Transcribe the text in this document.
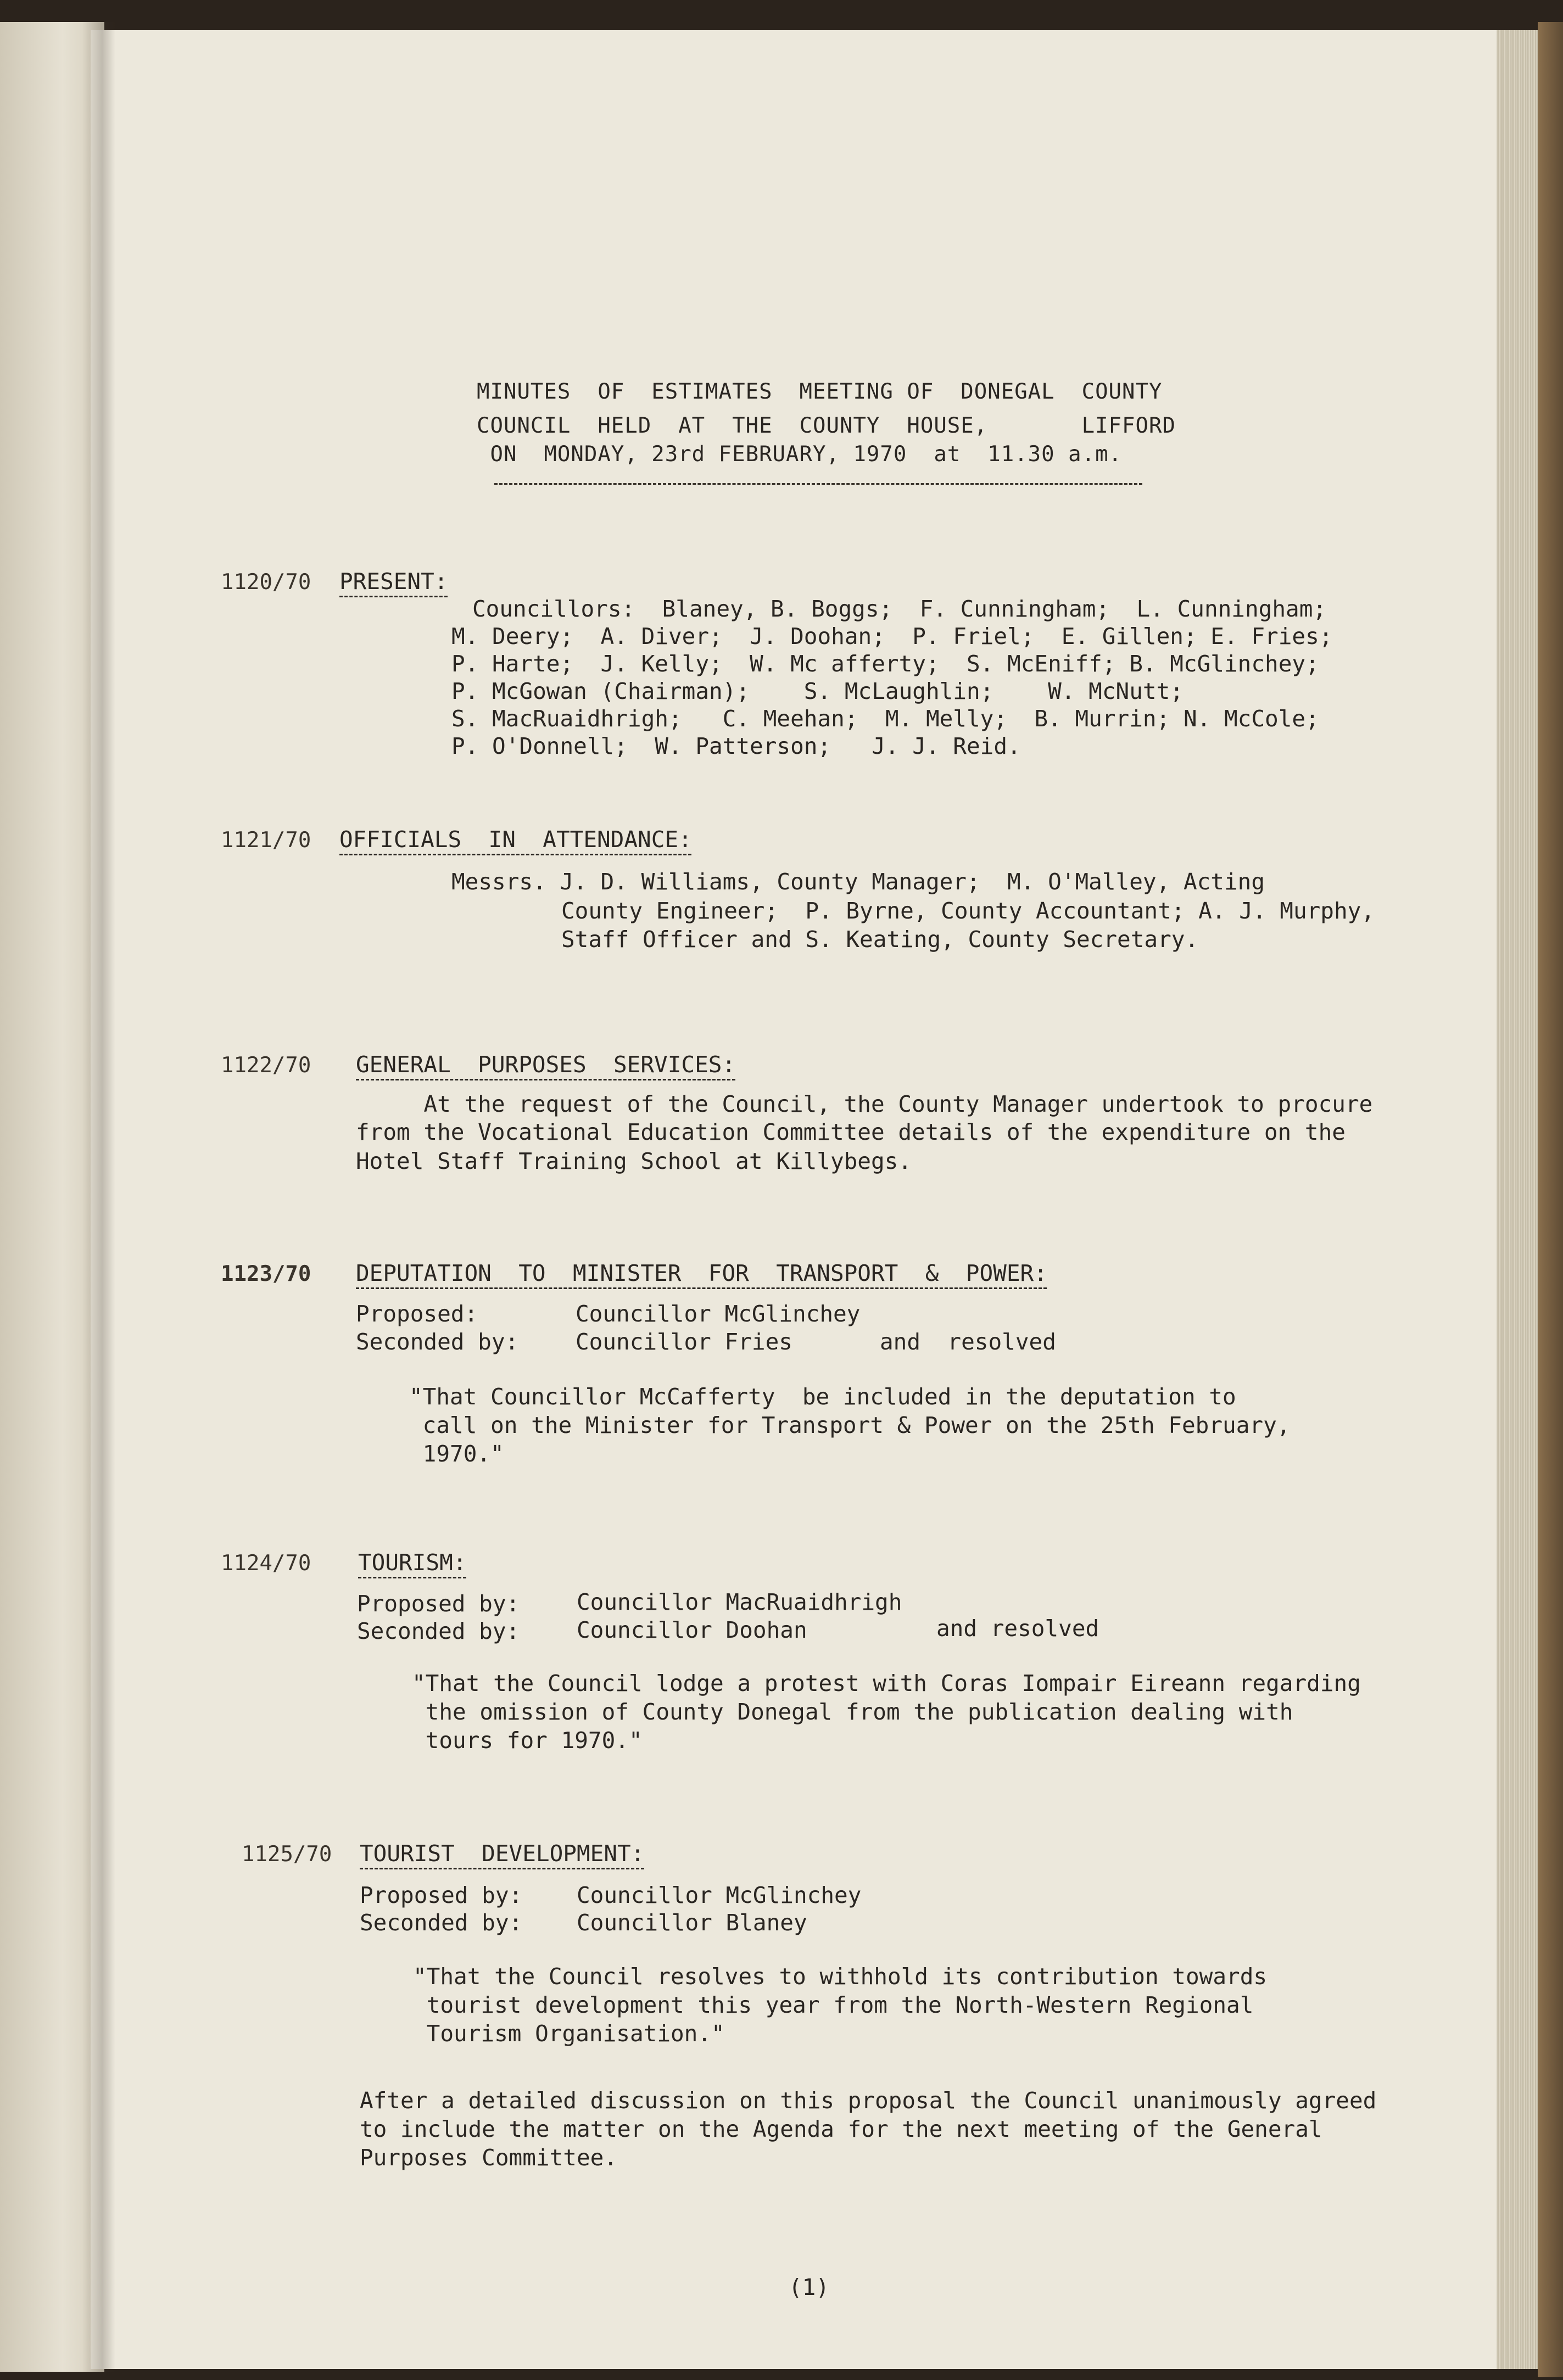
MINUTES  OF  ESTIMATES  MEETING OF  DONEGAL  COUNTY
COUNCIL  HELD  AT  THE  COUNTY  HOUSE,       LIFFORD
ON  MONDAY, 23rd FEBRUARY, 1970  at  11.30 a.m.
1120/70 PRESENT:
Councillors:  Blaney, B. Boggs;  F. Cunningham;  L. Cunningham;
M. Deery;  A. Diver;  J. Doohan;  P. Friel;  E. Gillen; E. Fries;
P. Harte;  J. Kelly;  W. Mc afferty;  S. McEniff; B. McGlinchey;
P. McGowan (Chairman);    S. McLaughlin;    W. McNutt;
S. MacRuaidhrigh;   C. Meehan;  M. Melly;  B. Murrin; N. McCole;
P. O'Donnell;  W. Patterson;   J. J. Reid.
1121/70 OFFICIALS  IN  ATTENDANCE:
Messrs. J. D. Williams, County Manager;  M. O'Malley, Acting
County Engineer;  P. Byrne, County Accountant; A. J. Murphy,
Staff Officer and S. Keating, County Secretary.
1122/70 GENERAL  PURPOSES  SERVICES:
At the request of the Council, the County Manager undertook to procure
from the Vocational Education Committee details of the expenditure on the
Hotel Staff Training School at Killybegs.
1123/70 DEPUTATION  TO  MINISTER  FOR  TRANSPORT  &  POWER:
Proposed:	Councillor McGlinchey
Seconded by:	Councillor Fries	and  resolved
"That Councillor McCafferty  be included in the deputation to
call on the Minister for Transport & Power on the 25th February,
1970."
1124/70 TOURISM:
Proposed by:	Councillor MacRuaidhrigh
Seconded by:	Councillor Doohan	and resolved
"That the Council lodge a protest with Coras Iompair Eireann regarding
the omission of County Donegal from the publication dealing with
tours for 1970."
1125/70 TOURIST  DEVELOPMENT:
Proposed by: Councillor McGlinchey
Seconded by: Councillor Blaney
"That the Council resolves to withhold its contribution towards
tourist development this year from the North-Western Regional
Tourism Organisation."
After a detailed discussion on this proposal the Council unanimously agreed
to include the matter on the Agenda for the next meeting of the General
Purposes Committee.
(1)
